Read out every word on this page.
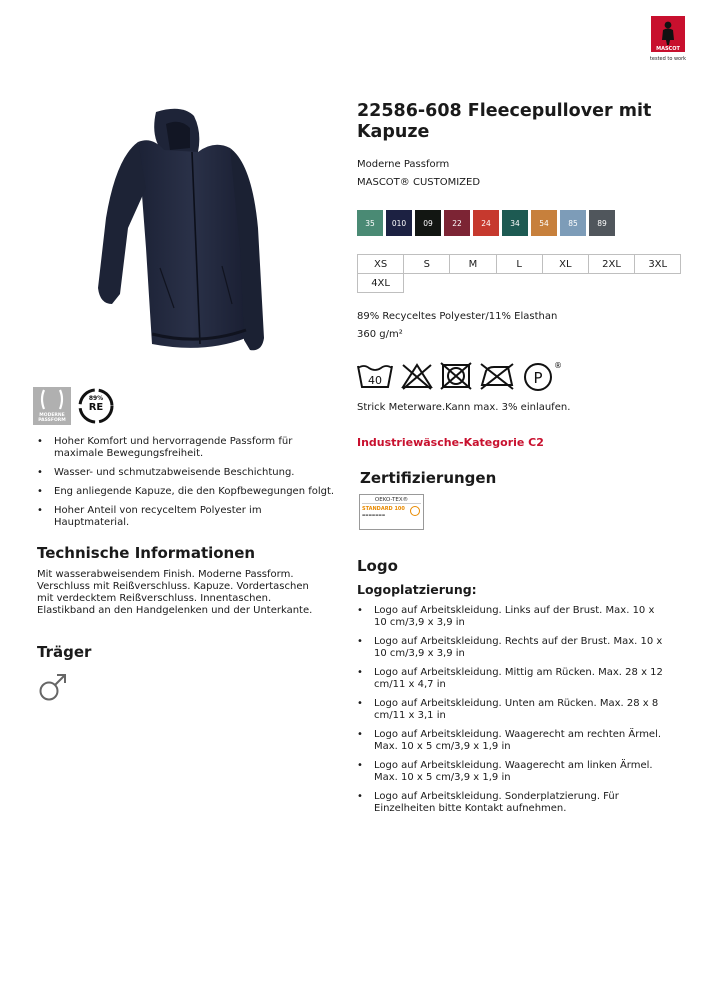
MASCOT
tested to work
MODERNE PASSFORM
89%
RE
• Hoher Komfort und hervorragende Passform für maximale Bewegungsfreiheit.
• Wasser- und schmutzabweisende Beschichtung.
• Eng anliegende Kapuze, die den Kopfbewegungen folgt.
• Hoher Anteil von recyceltem Polyester im Hauptmaterial.
Technische Informationen
Mit wasserabweisendem Finish. Moderne Passform. Verschluss mit Reißverschluss. Kapuze. Vordertaschen mit verdecktem Reißverschluss. Innentaschen. Elastikband an den Handgelenken und der Unterkante.
Träger
22586-608 Fleecepullover mit Kapuze
Moderne Passform
MASCOT® CUSTOMIZED
35	010	09	22	24	34	54	85	89
XS	S	M	L	XL	2XL	3XL
4XL
89% Recyceltes Polyester/11% Elasthan
360 g/m²
40	P
®
Strick Meterware.Kann max. 3% einlaufen.
Industriewäsche-Kategorie C2
Zertifizierungen
OEKO-TEX®
STANDARD 100
▬▬▬▬▬▬▬
Logo
Logoplatzierung:
• Logo auf Arbeitskleidung. Links auf der Brust. Max. 10 x 10 cm/3,9 x 3,9 in
• Logo auf Arbeitskleidung. Rechts auf der Brust. Max. 10 x 10 cm/3,9 x 3,9 in
• Logo auf Arbeitskleidung. Mittig am Rücken. Max. 28 x 12 cm/11 x 4,7 in
• Logo auf Arbeitskleidung. Unten am Rücken. Max. 28 x 8 cm/11 x 3,1 in
• Logo auf Arbeitskleidung. Waagerecht am rechten Ärmel. Max. 10 x 5 cm/3,9 x 1,9 in
• Logo auf Arbeitskleidung. Waagerecht am linken Ärmel. Max. 10 x 5 cm/3,9 x 1,9 in
• Logo auf Arbeitskleidung. Sonderplatzierung. Für Einzelheiten bitte Kontakt aufnehmen.
